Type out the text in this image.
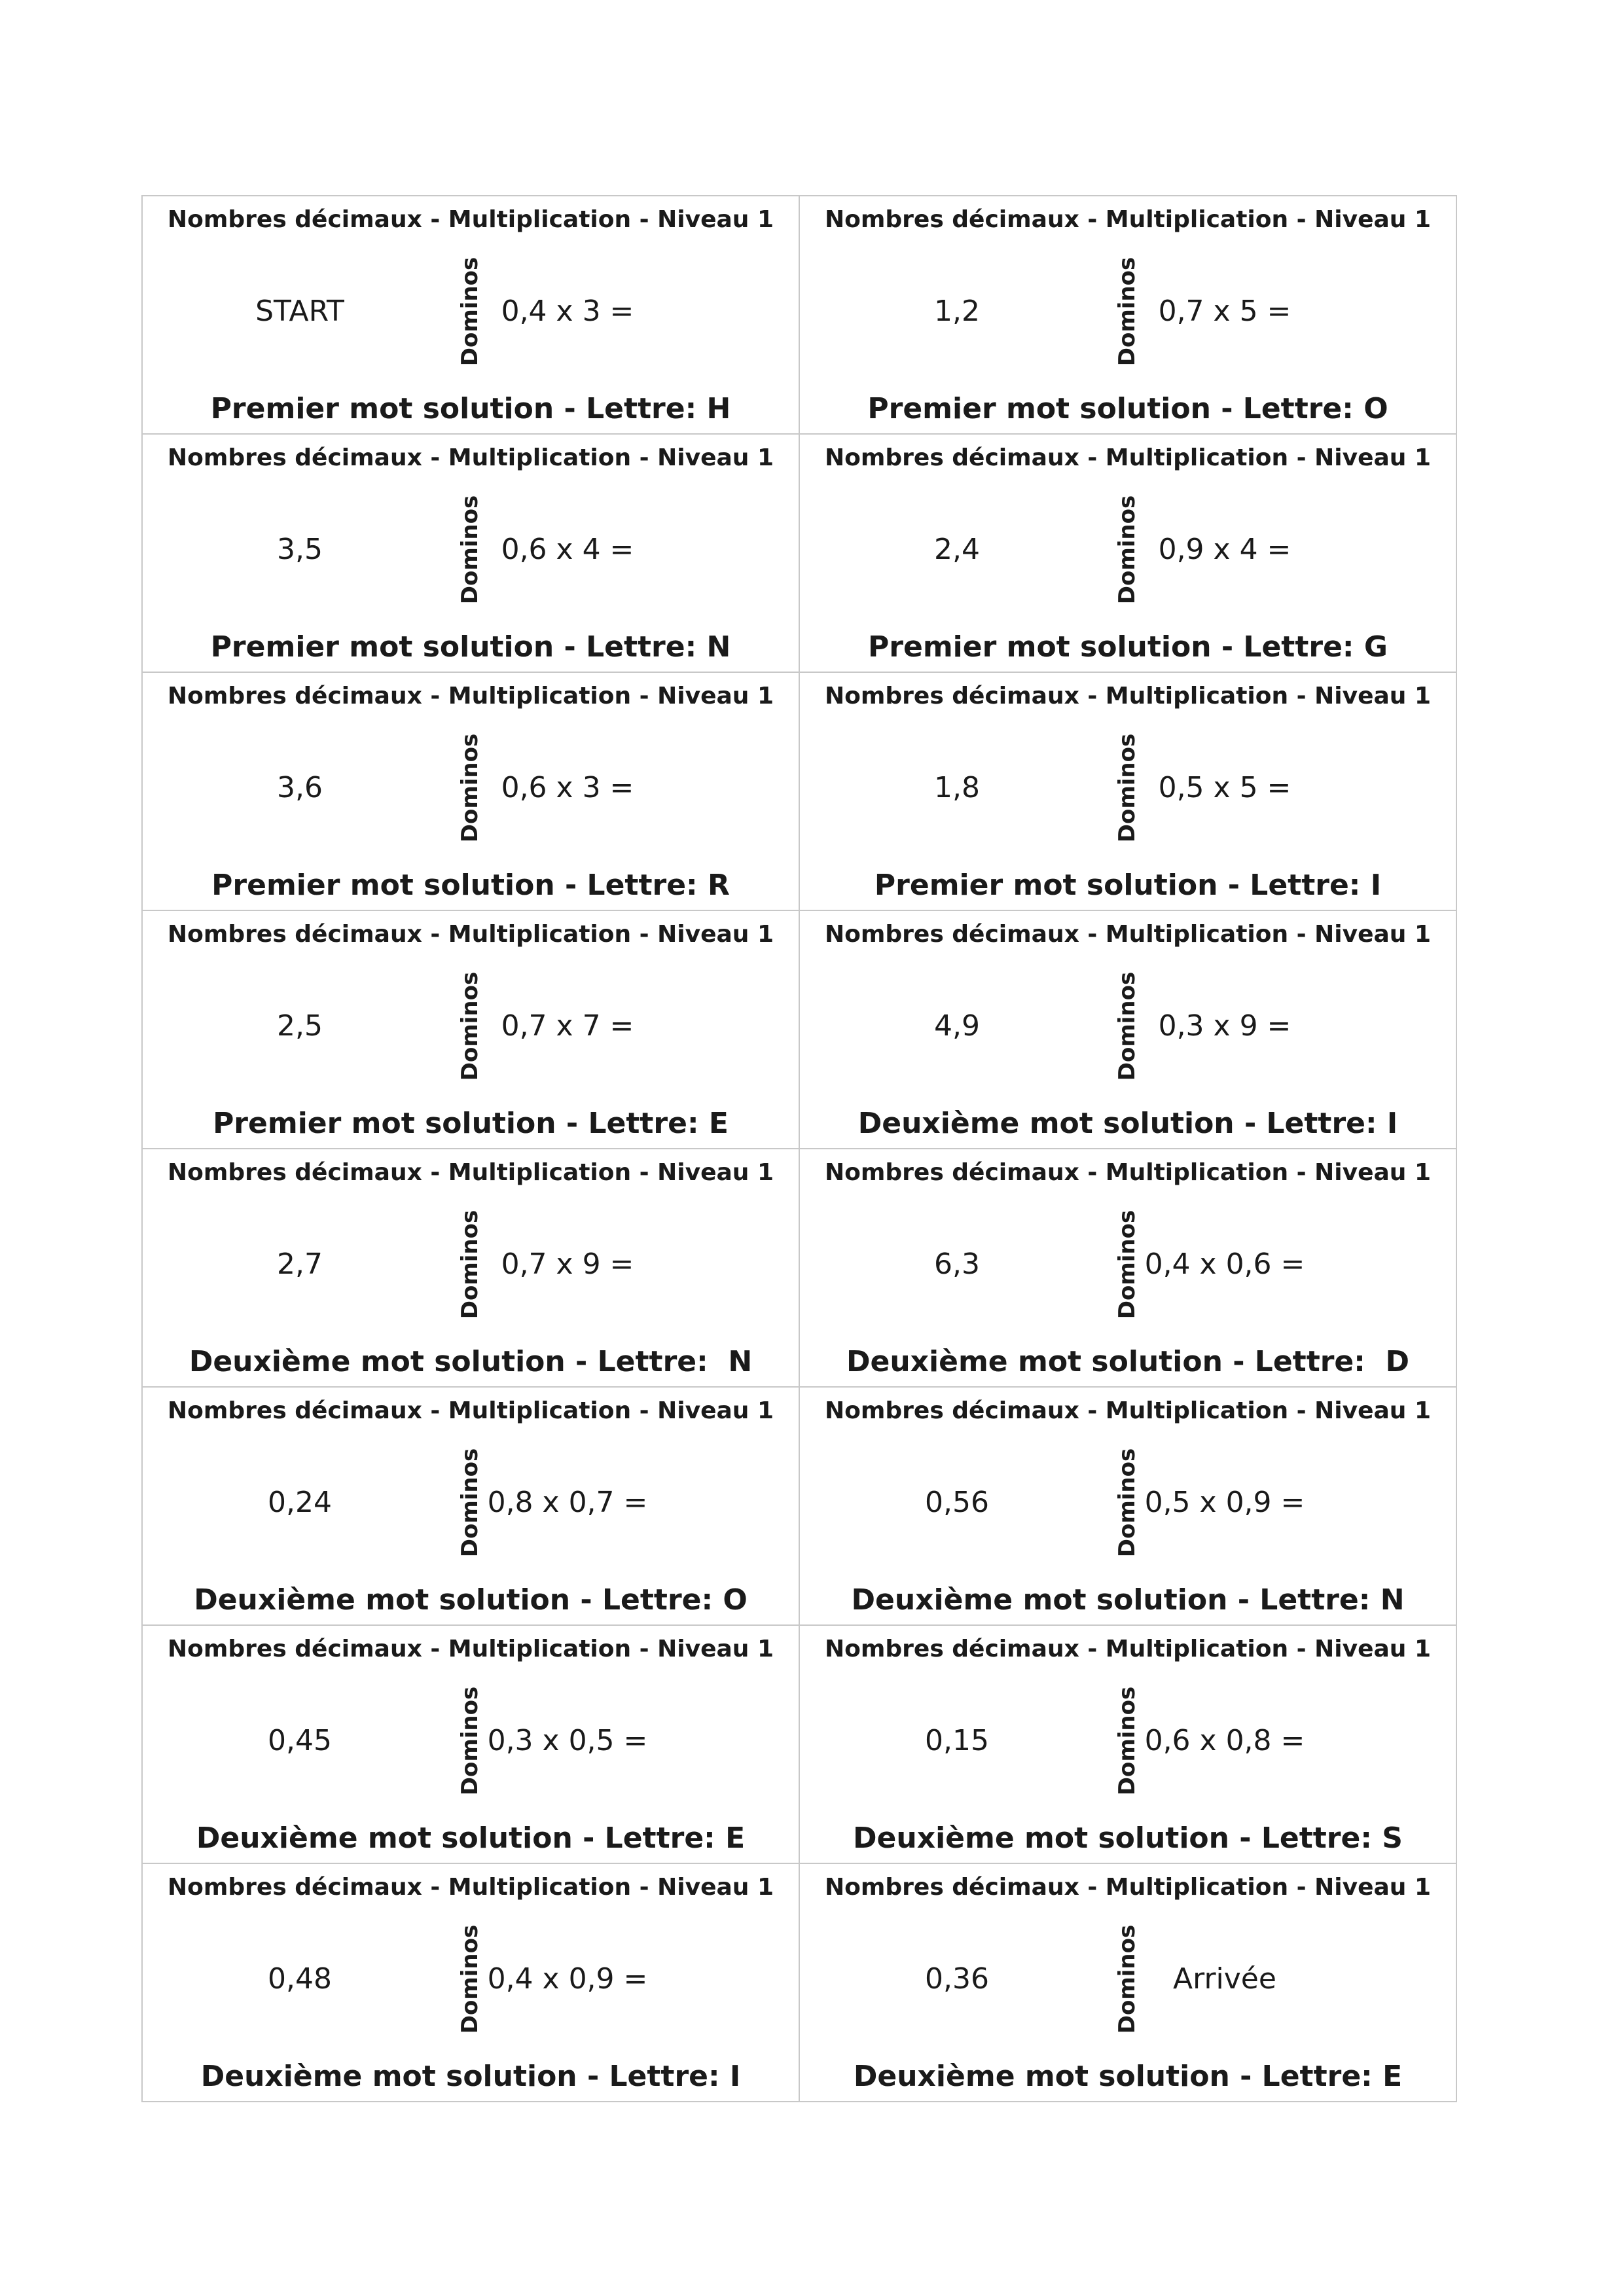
Nombres décimaux - Multiplication - Niveau 1
START	Dominos 0,4 x 3 =
Premier mot solution - Lettre: H
Nombres décimaux - Multiplication - Niveau 1
1,2	Dominos 0,7 x 5 =
Premier mot solution - Lettre: O
Nombres décimaux - Multiplication - Niveau 1
3,5	Dominos 0,6 x 4 =
Premier mot solution - Lettre: N
Nombres décimaux - Multiplication - Niveau 1
2,4	Dominos 0,9 x 4 =
Premier mot solution - Lettre: G
Nombres décimaux - Multiplication - Niveau 1
3,6	Dominos 0,6 x 3 =
Premier mot solution - Lettre: R
Nombres décimaux - Multiplication - Niveau 1
1,8	Dominos 0,5 x 5 =
Premier mot solution - Lettre: I
Nombres décimaux - Multiplication - Niveau 1
2,5	Dominos 0,7 x 7 =
Premier mot solution - Lettre: E
Nombres décimaux - Multiplication - Niveau 1
4,9	Dominos 0,3 x 9 =
Deuxième mot solution - Lettre: I
Nombres décimaux - Multiplication - Niveau 1
2,7	Dominos 0,7 x 9 =
Deuxième mot solution - Lettre:  N
Nombres décimaux - Multiplication - Niveau 1
6,3	Dominos 0,4 x 0,6 =
Deuxième mot solution - Lettre:  D
Nombres décimaux - Multiplication - Niveau 1
0,24	Dominos 0,8 x 0,7 =
Deuxième mot solution - Lettre: O
Nombres décimaux - Multiplication - Niveau 1
0,56	Dominos 0,5 x 0,9 =
Deuxième mot solution - Lettre: N
Nombres décimaux - Multiplication - Niveau 1
0,45	Dominos 0,3 x 0,5 =
Deuxième mot solution - Lettre: E
Nombres décimaux - Multiplication - Niveau 1
0,15	Dominos 0,6 x 0,8 =
Deuxième mot solution - Lettre: S
Nombres décimaux - Multiplication - Niveau 1
0,48	Dominos 0,4 x 0,9 =
Deuxième mot solution - Lettre: I
Nombres décimaux - Multiplication - Niveau 1
0,36	Dominos	Arrivée
Deuxième mot solution - Lettre: E
